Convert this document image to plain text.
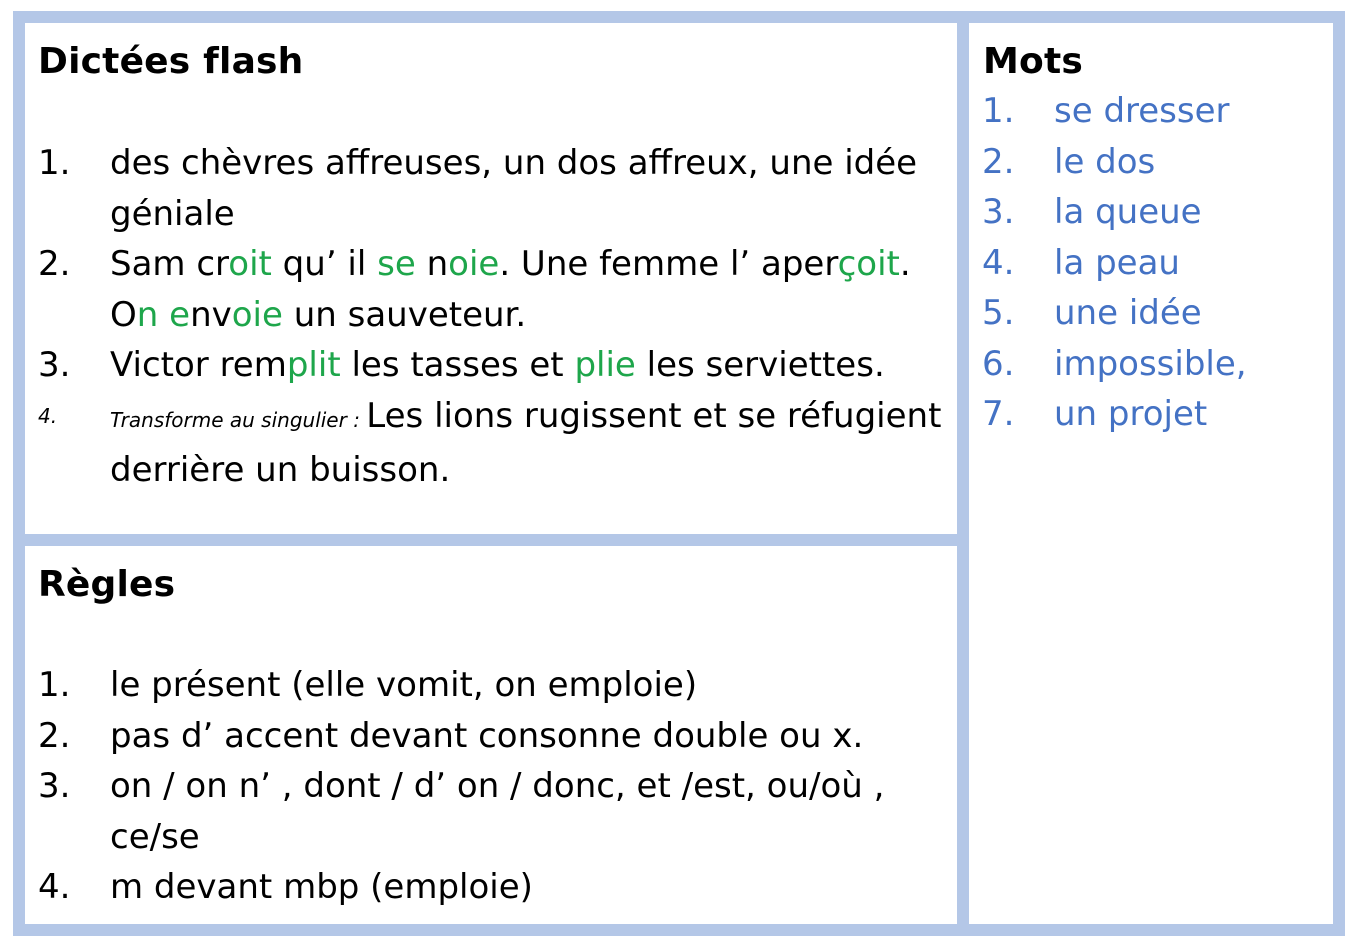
Dictées flash
1. des chèvres affreuses, un dos affreux, une idée géniale
2. Sam croit qu’ il se noie. Une femme l’ aperçoit. On envoie un sauveteur.
3. Victor remplit les tasses et plie les serviettes.
4.	Transforme au singulier : Les lions rugissent et se réfugient derrière un buisson.
Règles
1. le présent (elle vomit, on emploie)
2. pas d’ accent devant consonne double ou x.
3. on / on n’ , dont / d’ on / donc, et /est, ou/où , ce/se
4. m devant mbp (emploie)
Mots
1. se dresser
2. le dos
3. la queue
4. la peau
5. une idée
6. impossible,
7. un projet
